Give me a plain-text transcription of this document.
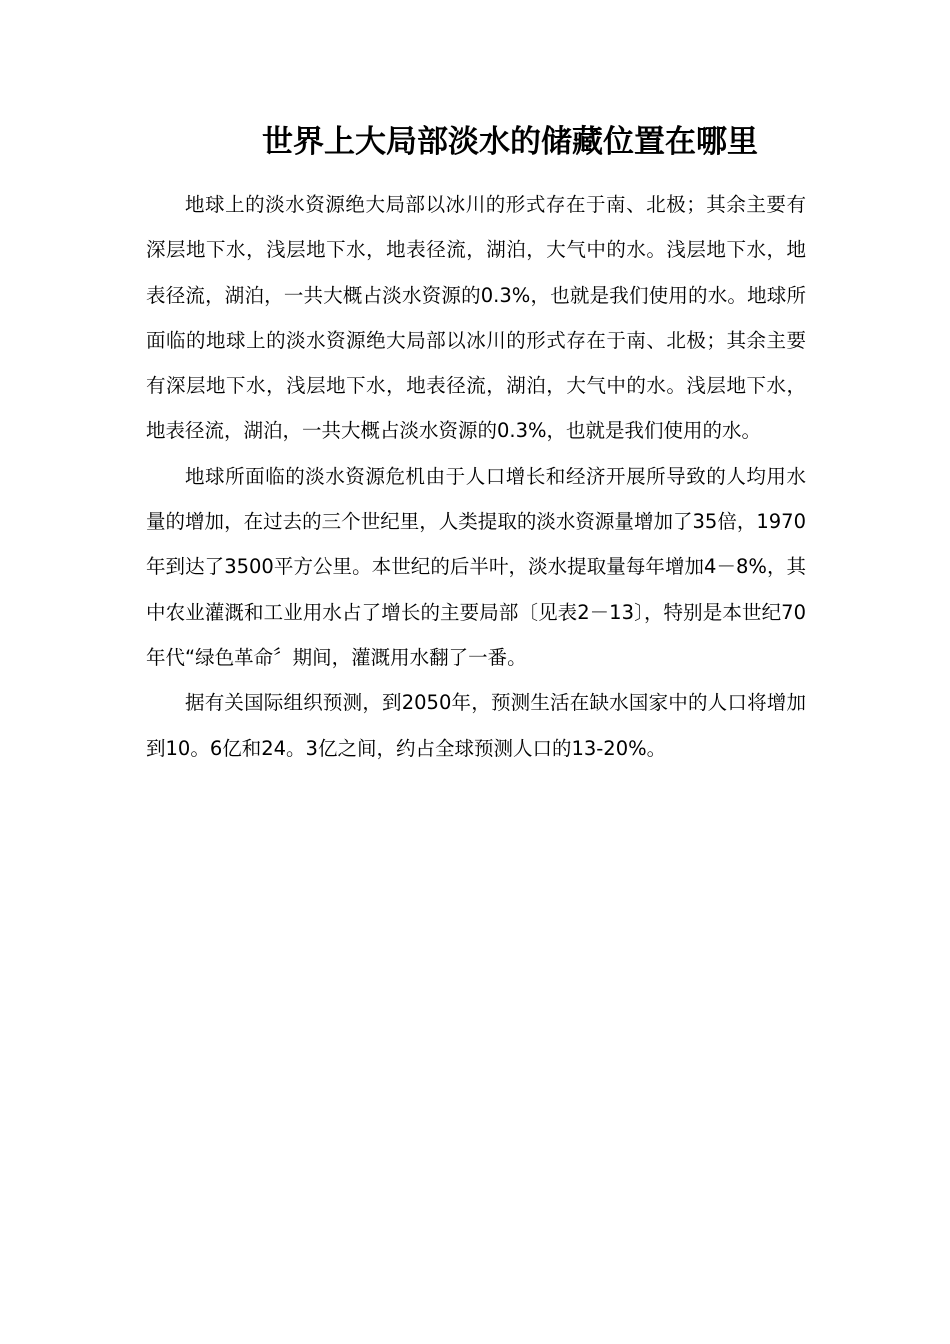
世界上大局部淡水的储藏位置在哪里

地球上的淡水资源绝大局部以冰川的形式存在于南、北极；其余主要有深层地下水，浅层地下水，地表径流，湖泊，大气中的水。浅层地下水，地表径流，湖泊，一共大概占淡水资源的0.3%，也就是我们使用的水。地球所面临的地球上的淡水资源绝大局部以冰川的形式存在于南、北极；其余主要有深层地下水，浅层地下水，地表径流，湖泊，大气中的水。浅层地下水，地表径流，湖泊，一共大概占淡水资源的0.3%，也就是我们使用的水。

地球所面临的淡水资源危机由于人口增长和经济开展所导致的人均用水量的增加，在过去的三个世纪里，人类提取的淡水资源量增加了35倍，1970年到达了3500平方公里。本世纪的后半叶，淡水提取量每年增加4－8%，其中农业灌溉和工业用水占了增长的主要局部〔见表2－13〕，特别是本世纪70年代“绿色革命〞期间，灌溉用水翻了一番。

据有关国际组织预测，到2050年，预测生活在缺水国家中的人口将增加到10。6亿和24。3亿之间，约占全球预测人口的13-20%。
